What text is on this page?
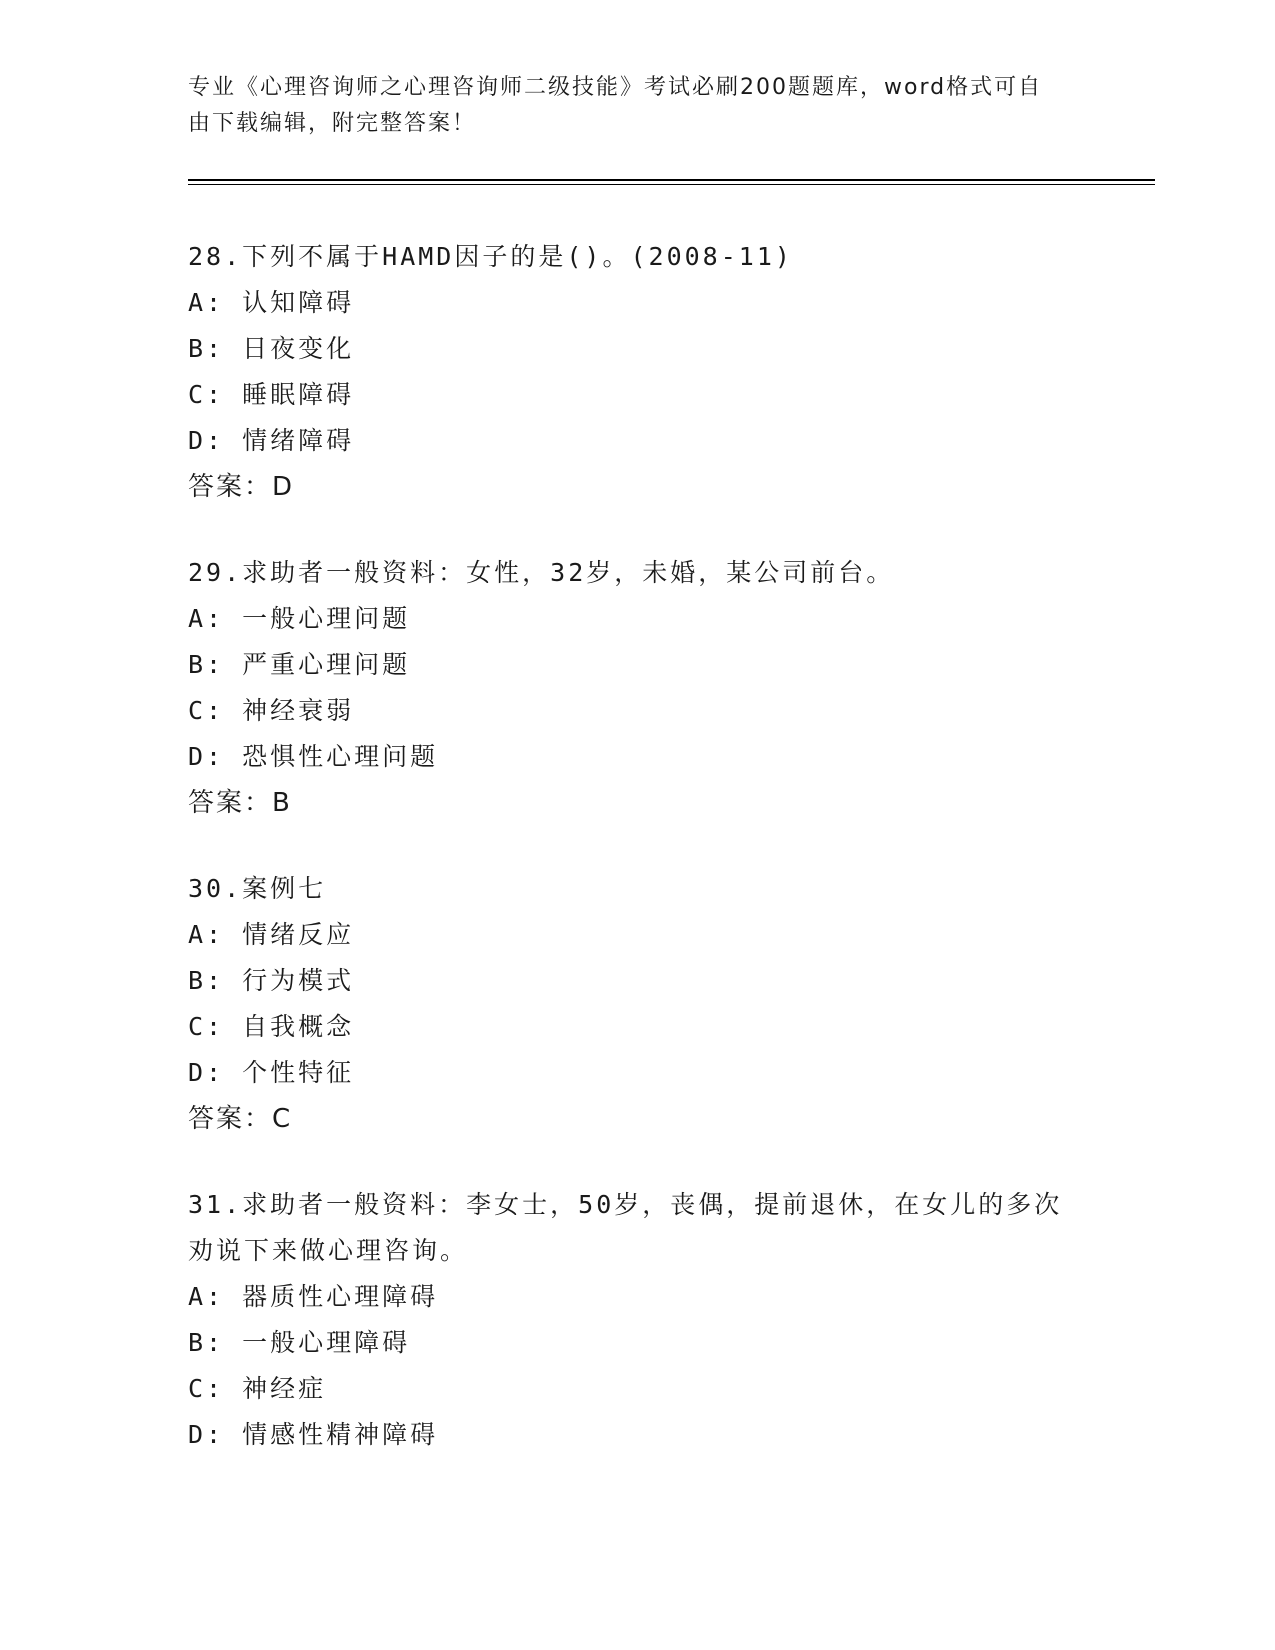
专业《心理咨询师之心理咨询师二级技能》考试必刷200题题库，word格式可自
由下载编辑，附完整答案！

28.下列不属于HAMD因子的是()。(2008-11)

A: 认知障碍

B: 日夜变化

C: 睡眠障碍

D: 情绪障碍

答案：D

29.求助者一般资料：女性，32岁，未婚，某公司前台。

A: 一般心理问题

B: 严重心理问题

C: 神经衰弱

D: 恐惧性心理问题

答案：B

30.案例七

A: 情绪反应

B: 行为模式

C: 自我概念

D: 个性特征

答案：C

31.求助者一般资料：李女士，50岁，丧偶，提前退休，在女儿的多次

劝说下来做心理咨询。

A: 器质性心理障碍

B: 一般心理障碍

C: 神经症

D: 情感性精神障碍
